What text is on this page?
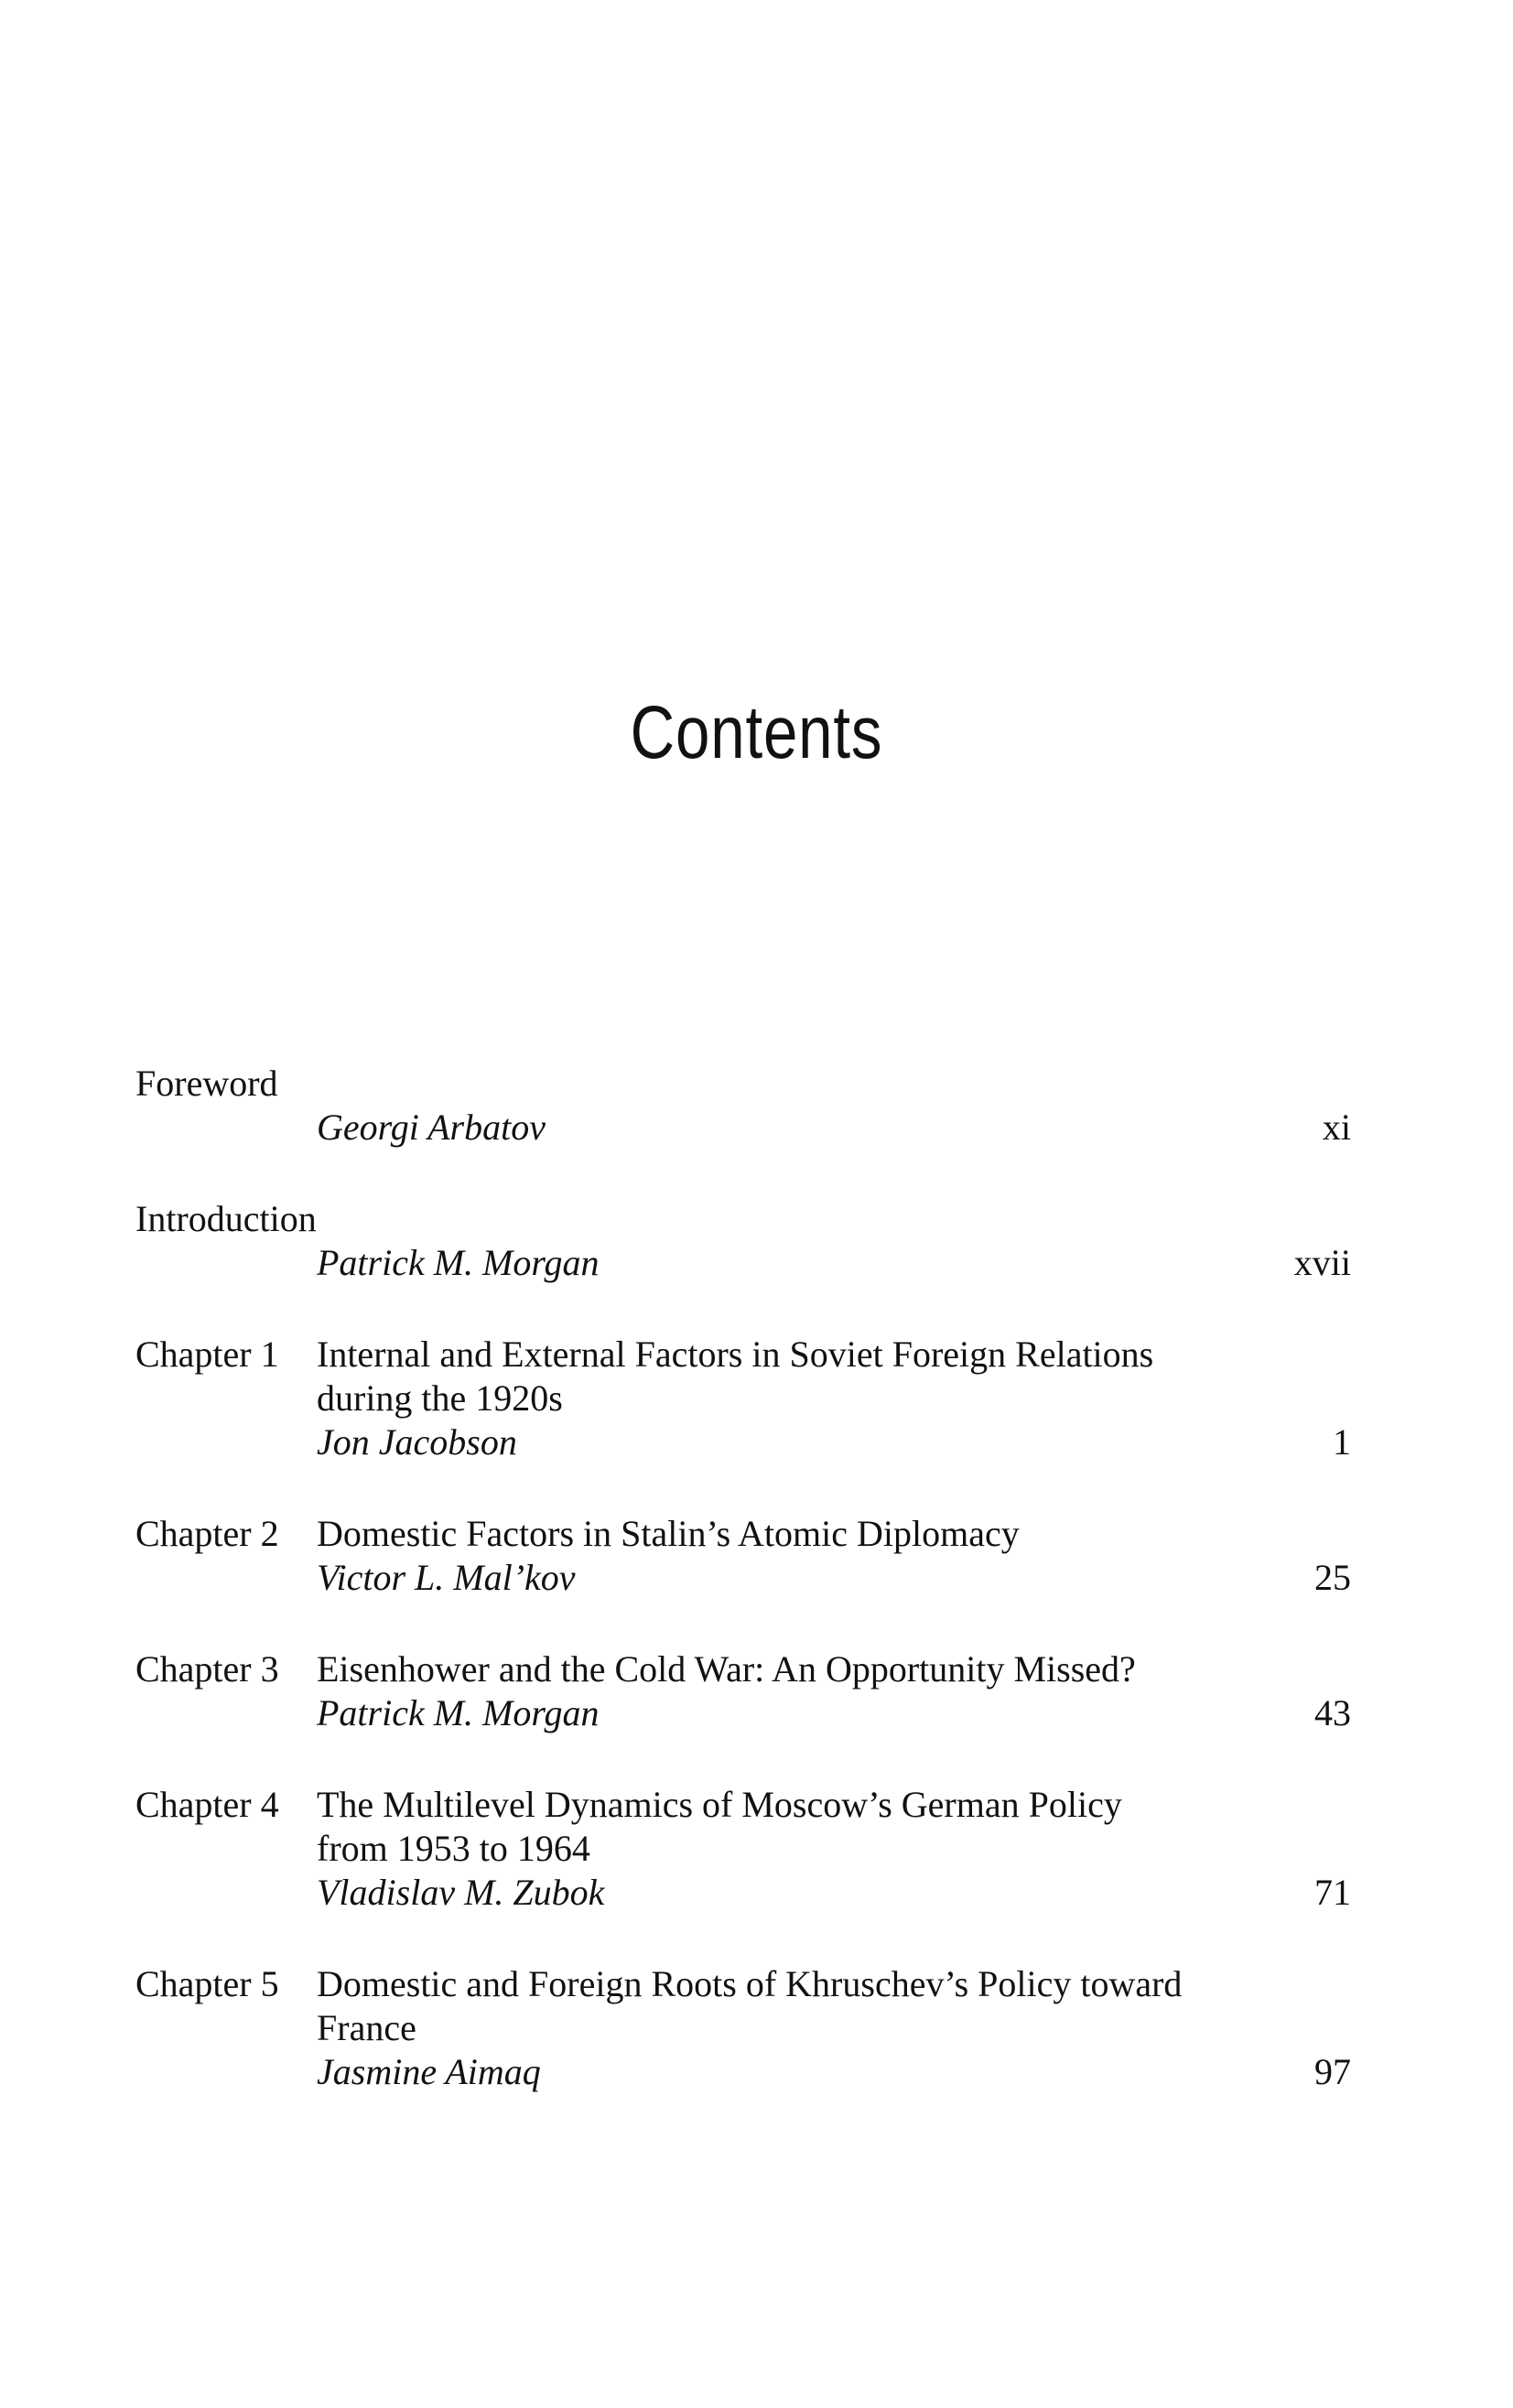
Contents
Foreword
Georgi Arbatov	xi
Introduction
Patrick M. Morgan	xvii
Chapter 1 Internal and External Factors in Soviet Foreign Relations
during the 1920s
Jon Jacobson	1
Chapter 2 Domestic Factors in Stalin’s Atomic Diplomacy
Victor L. Mal’kov	25
Chapter 3 Eisenhower and the Cold War: An Opportunity Missed?
Patrick M. Morgan	43
Chapter 4 The Multilevel Dynamics of Moscow’s German Policy
from 1953 to 1964
Vladislav M. Zubok	71
Chapter 5 Domestic and Foreign Roots of Khruschev’s Policy toward
France
Jasmine Aimaq	97
